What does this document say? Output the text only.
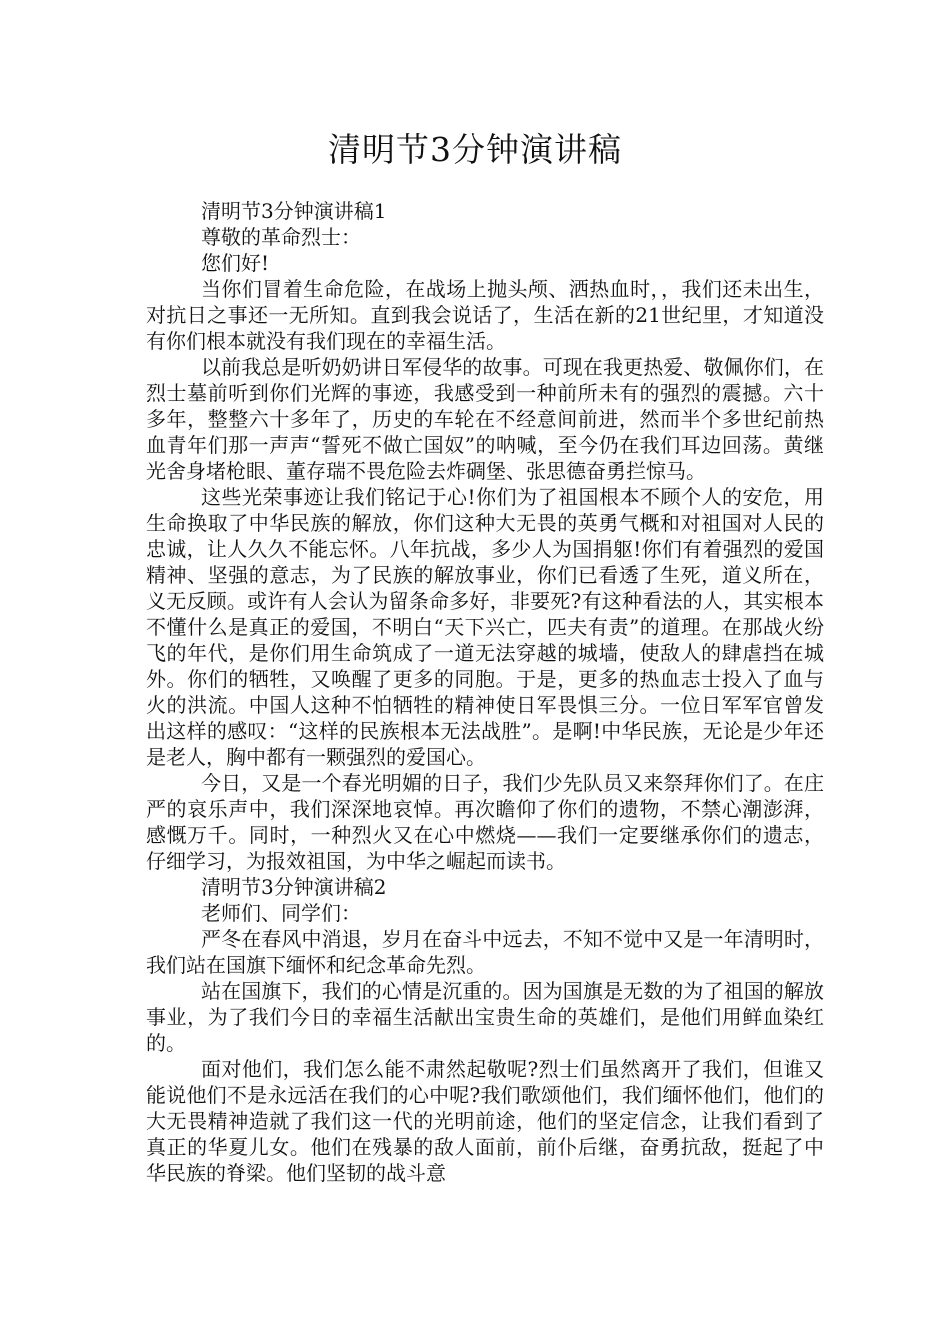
清明节3分钟演讲稿

清明节3分钟演讲稿1

尊敬的革命烈士：

您们好!

当你们冒着生命危险，在战场上抛头颅、洒热血时，，我们还未出生，对抗日之事还一无所知。直到我会说话了，生活在新的21世纪里，才知道没有你们根本就没有我们现在的幸福生活。

以前我总是听奶奶讲日军侵华的故事。可现在我更热爱、敬佩你们，在烈士墓前听到你们光辉的事迹，我感受到一种前所未有的强烈的震撼。六十多年，整整六十多年了，历史的车轮在不经意间前进，然而半个多世纪前热血青年们那一声声“誓死不做亡国奴”的呐喊，至今仍在我们耳边回荡。黄继光舍身堵枪眼、董存瑞不畏危险去炸碉堡、张思德奋勇拦惊马。

这些光荣事迹让我们铭记于心!你们为了祖国根本不顾个人的安危，用生命换取了中华民族的解放，你们这种大无畏的英勇气概和对祖国对人民的忠诚，让人久久不能忘怀。八年抗战，多少人为国捐躯!你们有着强烈的爱国精神、坚强的意志，为了民族的解放事业，你们已看透了生死，道义所在，义无反顾。或许有人会认为留条命多好，非要死?有这种看法的人，其实根本不懂什么是真正的爱国，不明白“天下兴亡，匹夫有责”的道理。在那战火纷飞的年代，是你们用生命筑成了一道无法穿越的城墙，使敌人的肆虐挡在城外。你们的牺牲，又唤醒了更多的同胞。于是，更多的热血志士投入了血与火的洪流。中国人这种不怕牺牲的精神使日军畏惧三分。一位日军军官曾发出这样的感叹：“这样的民族根本无法战胜”。是啊!中华民族，无论是少年还是老人，胸中都有一颗强烈的爱国心。

今日，又是一个春光明媚的日子，我们少先队员又来祭拜你们了。在庄严的哀乐声中，我们深深地哀悼。再次瞻仰了你们的遗物，不禁心潮澎湃，感慨万千。同时，一种烈火又在心中燃烧——我们一定要继承你们的遗志，仔细学习，为报效祖国，为中华之崛起而读书。

清明节3分钟演讲稿2

老师们、同学们：

严冬在春风中消退，岁月在奋斗中远去，不知不觉中又是一年清明时，我们站在国旗下缅怀和纪念革命先烈。

站在国旗下，我们的心情是沉重的。因为国旗是无数的为了祖国的解放事业，为了我们今日的幸福生活献出宝贵生命的英雄们，是他们用鲜血染红的。

面对他们，我们怎么能不肃然起敬呢?烈士们虽然离开了我们，但谁又能说他们不是永远活在我们的心中呢?我们歌颂他们，我们缅怀他们，他们的大无畏精神造就了我们这一代的光明前途，他们的坚定信念，让我们看到了真正的华夏儿女。他们在残暴的敌人面前，前仆后继，奋勇抗敌，挺起了中华民族的脊梁。他们坚韧的战斗意
